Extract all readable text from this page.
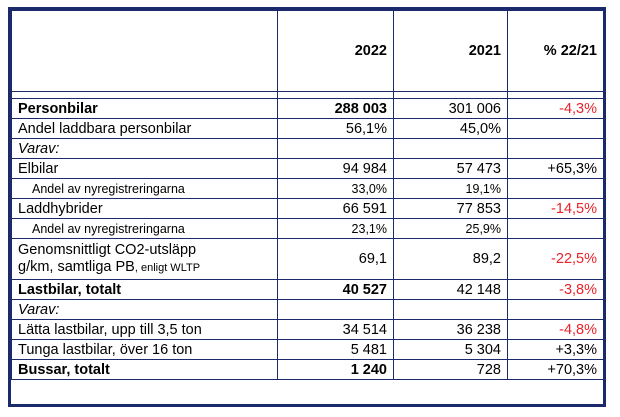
	2022	2021	% 22/21

Personbilar	288 003	301 006	-4,3%
Andel laddbara personbilar	56,1%	45,0%	
Varav:			
Elbilar	94 984	57 473	+65,3%
Andel av nyregistreringarna	33,0%	19,1%	
Laddhybrider	66 591	77 853	-14,5%
Andel av nyregistreringarna	23,1%	25,9%	
Genomsnittligt CO2-utsläpp
g/km, samtliga PB, enligt WLTP	69,1	89,2	-22,5%
Lastbilar, totalt	40 527	42 148	-3,8%
Varav:			
Lätta lastbilar, upp till 3,5 ton	34 514	36 238	-4,8%
Tunga lastbilar, över 16 ton	5 481	5 304	+3,3%
Bussar, totalt	1 240	728	+70,3%
